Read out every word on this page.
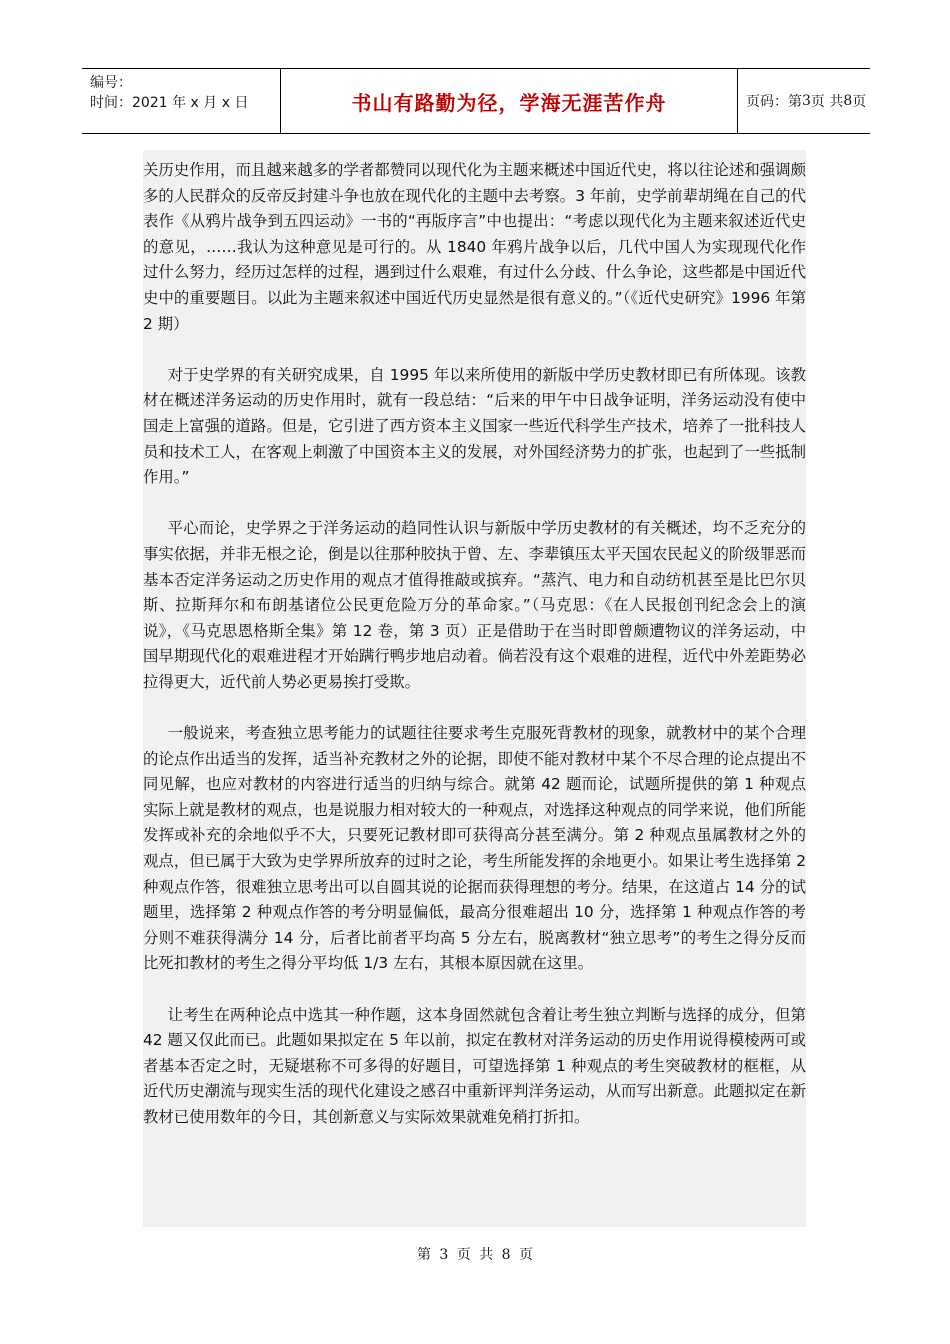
编号：
时间：2021 年 x 月 x 日	书山有路勤为径，学海无涯苦作舟	页码：第 3 页 共 8 页

关历史作用，而且越来越多的学者都赞同以现代化为主题来概述中国近代史，将以往论述和强调颇多的人民群众的反帝反封建斗争也放在现代化的主题中去考察。3 年前，史学前辈胡绳在自己的代表作《从鸦片战争到五四运动》一书的“再版序言”中也提出：“考虑以现代化为主题来叙述近代史的意见，……我认为这种意见是可行的。从 1840 年鸦片战争以后，几代中国人为实现现代化作过什么努力，经历过怎样的过程，遇到过什么艰难，有过什么分歧、什么争论，这些都是中国近代史中的重要题目。以此为主题来叙述中国近代历史显然是很有意义的。”（《近代史研究》1996 年第 2 期）

对于史学界的有关研究成果，自 1995 年以来所使用的新版中学历史教材即已有所体现。该教材在概述洋务运动的历史作用时，就有一段总结：“后来的甲午中日战争证明，洋务运动没有使中国走上富强的道路。但是，它引进了西方资本主义国家一些近代科学生产技术，培养了一批科技人员和技术工人，在客观上刺激了中国资本主义的发展，对外国经济势力的扩张，也起到了一些抵制作用。”

平心而论，史学界之于洋务运动的趋同性认识与新版中学历史教材的有关概述，均不乏充分的事实依据，并非无根之论，倒是以往那种胶执于曾、左、李辈镇压太平天国农民起义的阶级罪恶而基本否定洋务运动之历史作用的观点才值得推敲或摈弃。“蒸汽、电力和自动纺机甚至是比巴尔贝斯、拉斯拜尔和布朗基诸位公民更危险万分的革命家。”（马克思：《在人民报创刊纪念会上的演说》，《马克思恩格斯全集》第 12 卷，第 3 页）正是借助于在当时即曾颇遭物议的洋务运动，中国早期现代化的艰难进程才开始蹒行鸭步地启动着。倘若没有这个艰难的进程，近代中外差距势必拉得更大，近代前人势必更易挨打受欺。

一般说来，考查独立思考能力的试题往往要求考生克服死背教材的现象，就教材中的某个合理的论点作出适当的发挥，适当补充教材之外的论据，即使不能对教材中某个不尽合理的论点提出不同见解，也应对教材的内容进行适当的归纳与综合。就第 42 题而论，试题所提供的第 1 种观点实际上就是教材的观点，也是说服力相对较大的一种观点，对选择这种观点的同学来说，他们所能发挥或补充的余地似乎不大，只要死记教材即可获得高分甚至满分。第 2 种观点虽属教材之外的观点，但已属于大致为史学界所放弃的过时之论，考生所能发挥的余地更小。如果让考生选择第 2 种观点作答，很难独立思考出可以自圆其说的论据而获得理想的考分。结果，在这道占 14 分的试题里，选择第 2 种观点作答的考分明显偏低，最高分很难超出 10 分，选择第 1 种观点作答的考分则不难获得满分 14 分，后者比前者平均高 5 分左右，脱离教材“独立思考”的考生之得分反而比死扣教材的考生之得分平均低 1/3 左右，其根本原因就在这里。

让考生在两种论点中选其一种作题，这本身固然就包含着让考生独立判断与选择的成分，但第 42 题又仅此而已。此题如果拟定在 5 年以前，拟定在教材对洋务运动的历史作用说得模棱两可或者基本否定之时，无疑堪称不可多得的好题目，可望选择第 1 种观点的考生突破教材的框框，从近代历史潮流与现实生活的现代化建设之感召中重新评判洋务运动，从而写出新意。此题拟定在新教材已使用数年的今日，其创新意义与实际效果就难免稍打折扣。

第 3 页 共 8 页
